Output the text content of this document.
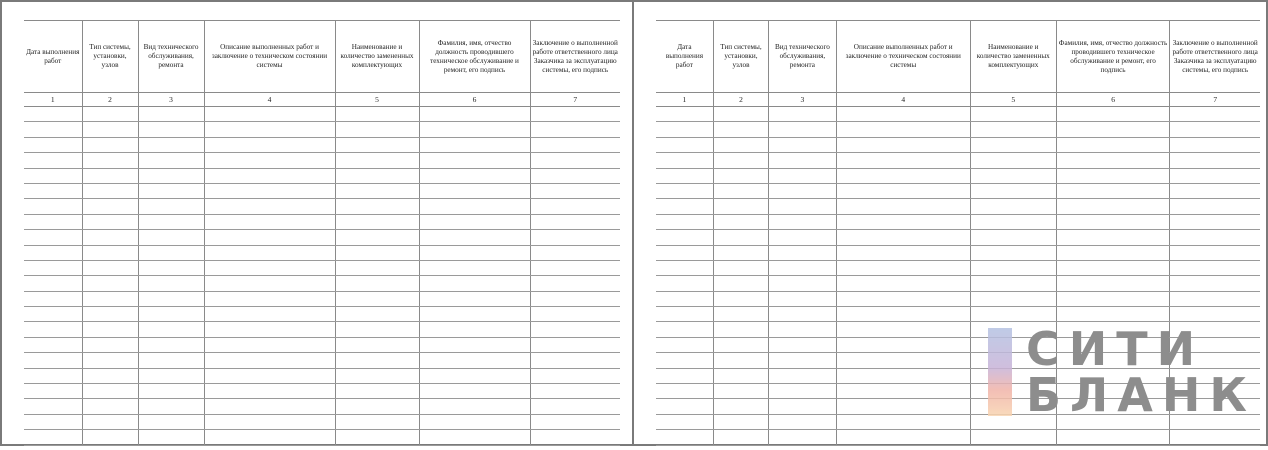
Дата выполнения работ	Тип системы, установки, узлов	Вид технического обслуживания, ремонта	Описание выполненных работ и заключение о техническом состоянии системы	Наименование и количество замененных комплектующих	Фамилия, имя, отчество должность проводившего техническое обслуживание и ремонт, его подпись	Заключение о выполненной работе ответственного лица Заказчика за эксплуатацию системы, его подпись
1	2	3	4	5	6	7

Дата выполнения работ	Тип системы, установки, узлов	Вид технического обслуживания, ремонта	Описание выполненных работ и заключение о техническом состоянии системы	Наименование и количество замененных комплектующих	Фамилия, имя, отчество должность проводившего техническое обслуживание и ремонт, его подпись	Заключение о выполненной работе ответственного лица Заказчика за эксплуатацию системы, его подпись
1	2	3	4	5	6	7

СИТИ
БЛАНК
